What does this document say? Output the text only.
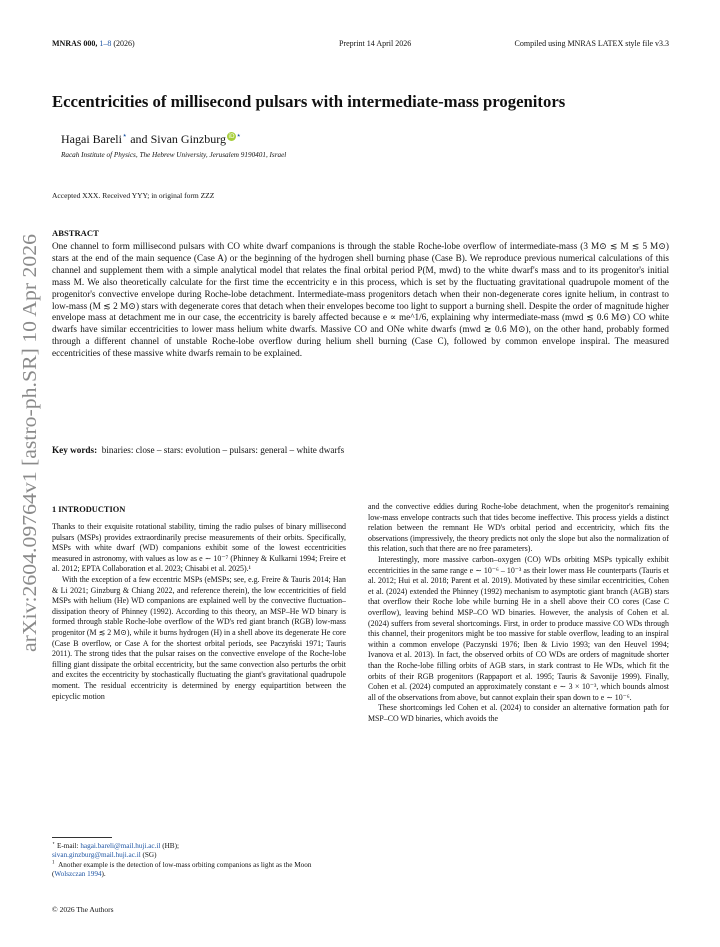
MNRAS 000, 1–8 (2026)	Preprint 14 April 2026	Compiled using MNRAS LATEX style file v3.3
arXiv:2604.09764v1 [astro-ph.SR] 10 Apr 2026
Eccentricities of millisecond pulsars with intermediate-mass progenitors
Hagai Bareli⋆ and Sivan Ginzburg iD⋆
Racah Institute of Physics, The Hebrew University, Jerusalem 9190401, Israel
Accepted XXX. Received YYY; in original form ZZZ
ABSTRACT
One channel to form millisecond pulsars with CO white dwarf companions is through the stable Roche-lobe overflow of intermediate-mass (3 M⊙ ≲ M ≲ 5 M⊙) stars at the end of the main sequence (Case A) or the beginning of the hydrogen shell burning phase (Case B). We reproduce previous numerical calculations of this channel and supplement them with a simple analytical model that relates the final orbital period P(M, mwd) to the white dwarf's mass and to its progenitor's initial mass M. We also theoretically calculate for the first time the eccentricity e in this process, which is set by the fluctuating gravitational quadrupole moment of the progenitor's convective envelope during Roche-lobe detachment. Intermediate-mass progenitors detach when their non-degenerate cores ignite helium, in contrast to low-mass (M ≲ 2 M⊙) stars with degenerate cores that detach when their envelopes become too light to support a burning shell. Despite the order of magnitude higher envelope mass at detachment me in our case, the eccentricity is barely affected because e ∝ me^1/6, explaining why intermediate-mass (mwd ≲ 0.6 M⊙) CO white dwarfs have similar eccentricities to lower mass helium white dwarfs. Massive CO and ONe white dwarfs (mwd ≳ 0.6 M⊙), on the other hand, probably formed through a different channel of unstable Roche-lobe overflow during helium shell burning (Case C), followed by common envelope inspiral. The measured eccentricities of these massive white dwarfs remain to be explained.
Key words: binaries: close – stars: evolution – pulsars: general – white dwarfs
1 INTRODUCTION

Thanks to their exquisite rotational stability, timing the radio pulses of binary millisecond pulsars (MSPs) provides extraordinarily precise measurements of their orbits. Specifically, MSPs with white dwarf (WD) companions exhibit some of the lowest eccentricities measured in astronomy, with values as low as e ∼ 10⁻⁷ (Phinney & Kulkarni 1994; Freire et al. 2012; EPTA Collaboration et al. 2023; Chisabi et al. 2025).¹

With the exception of a few eccentric MSPs (eMSPs; see, e.g. Freire & Tauris 2014; Han & Li 2021; Ginzburg & Chiang 2022, and reference therein), the low eccentricities of field MSPs with helium (He) WD companions are explained well by the convective fluctuation–dissipation theory of Phinney (1992). According to this theory, an MSP–He WD binary is formed through stable Roche-lobe overflow of the WD's red giant branch (RGB) low-mass progenitor (M ≲ 2 M⊙), while it burns hydrogen (H) in a shell above its degenerate He core (Case B overflow, or Case A for the shortest orbital periods, see Paczyński 1971; Tauris 2011). The strong tides that the pulsar raises on the convective envelope of the Roche-lobe filling giant dissipate the orbital eccentricity, but the same convection also perturbs the orbit and excites the eccentricity by stochastically fluctuating the giant's gravitational quadrupole moment. The residual eccentricity is determined by energy equipartition between the epicyclic motion

and the convective eddies during Roche-lobe detachment, when the progenitor's remaining low-mass envelope contracts such that tides become ineffective. This process yields a distinct relation between the remnant He WD's orbital period and eccentricity, which fits the observations (impressively, the theory predicts not only the slope but also the normalization of this relation, such that there are no free parameters).

Interestingly, more massive carbon–oxygen (CO) WDs orbiting MSPs typically exhibit eccentricities in the same range e ∼ 10⁻⁶ – 10⁻³ as their lower mass He counterparts (Tauris et al. 2012; Hui et al. 2018; Parent et al. 2019). Motivated by these similar eccentricities, Cohen et al. (2024) extended the Phinney (1992) mechanism to asymptotic giant branch (AGB) stars that overflow their Roche lobe while burning He in a shell above their CO cores (Case C overflow), leaving behind MSP–CO WD binaries. However, the analysis of Cohen et al. (2024) suffers from several shortcomings. First, in order to produce massive CO WDs through this channel, their progenitors might be too massive for stable overflow, leading to an inspiral within a common envelope (Paczynski 1976; Iben & Livio 1993; van den Heuvel 1994; Ivanova et al. 2013). In fact, the observed orbits of CO WDs are orders of magnitude shorter than the Roche-lobe filling orbits of AGB stars, in stark contrast to He WDs, which fit the orbits of their RGB progenitors (Rappaport et al. 1995; Tauris & Savonije 1999). Finally, Cohen et al. (2024) computed an approximately constant e ∼ 3 × 10⁻³, which bounds almost all of the observations from above, but cannot explain their span down to e ∼ 10⁻⁶.

These shortcomings led Cohen et al. (2024) to consider an alternative formation path for MSP–CO WD binaries, which avoids the

⋆ E-mail: hagai.bareli@mail.huji.ac.il (HB);
sivan.ginzburg@mail.huji.ac.il (SG)
$^1$ Another example is the detection of low-mass orbiting companions as light as the Moon (Wolszczan 1994).
© 2026 The Authors
